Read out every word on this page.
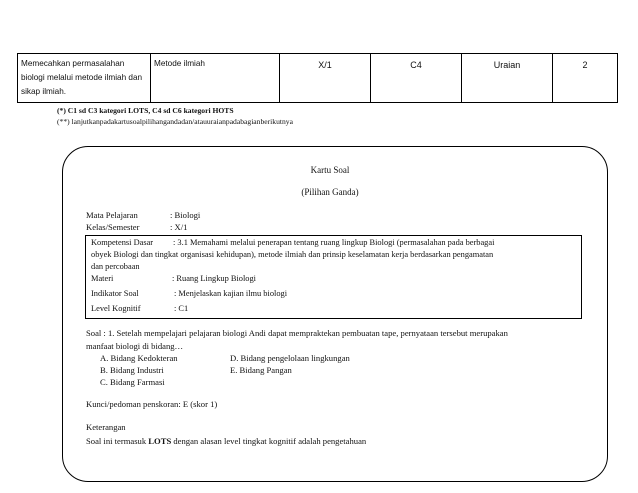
Memecahkan permasalahan biologi melalui metode ilmiah dan sikap ilmiah.	Metode ilmiah	X/1	C4	Uraian	2
(*) C1 sd C3 kategori LOTS, C4 sd C6 kategori HOTS
(**) lanjutkanpadakartusoalpilihangandadan/atauuraianpadabagianberikutnya
Kartu Soal
(Pilihan Ganda)
Mata Pelajaran	: Biologi
Kelas/Semester	: X/1
Kompetensi Dasar : 3.1 Memahami melalui penerapan tentang ruang lingkup Biologi (permasalahan pada berbagai
obyek Biologi dan tingkat organisasi kehidupan), metode ilmiah dan prinsip keselamatan kerja berdasarkan pengamatan
dan percobaan
Materi	: Ruang Lingkup Biologi
Indikator Soal	: Menjelaskan kajian ilmu biologi
Level Kognitif	: C1
Soal : 1. Setelah mempelajari pelajaran biologi Andi dapat mempraktekan pembuatan tape, pernyataan tersebut merupakan
manfaat biologi di bidang…
A. Bidang Kedokteran	D. Bidang pengelolaan lingkungan
B. Bidang Industri	E. Bidang Pangan
C. Bidang Farmasi
Kunci/pedoman penskoran: E (skor 1)
Keterangan
Soal ini termasuk LOTS dengan alasan level tingkat kognitif adalah pengetahuan
